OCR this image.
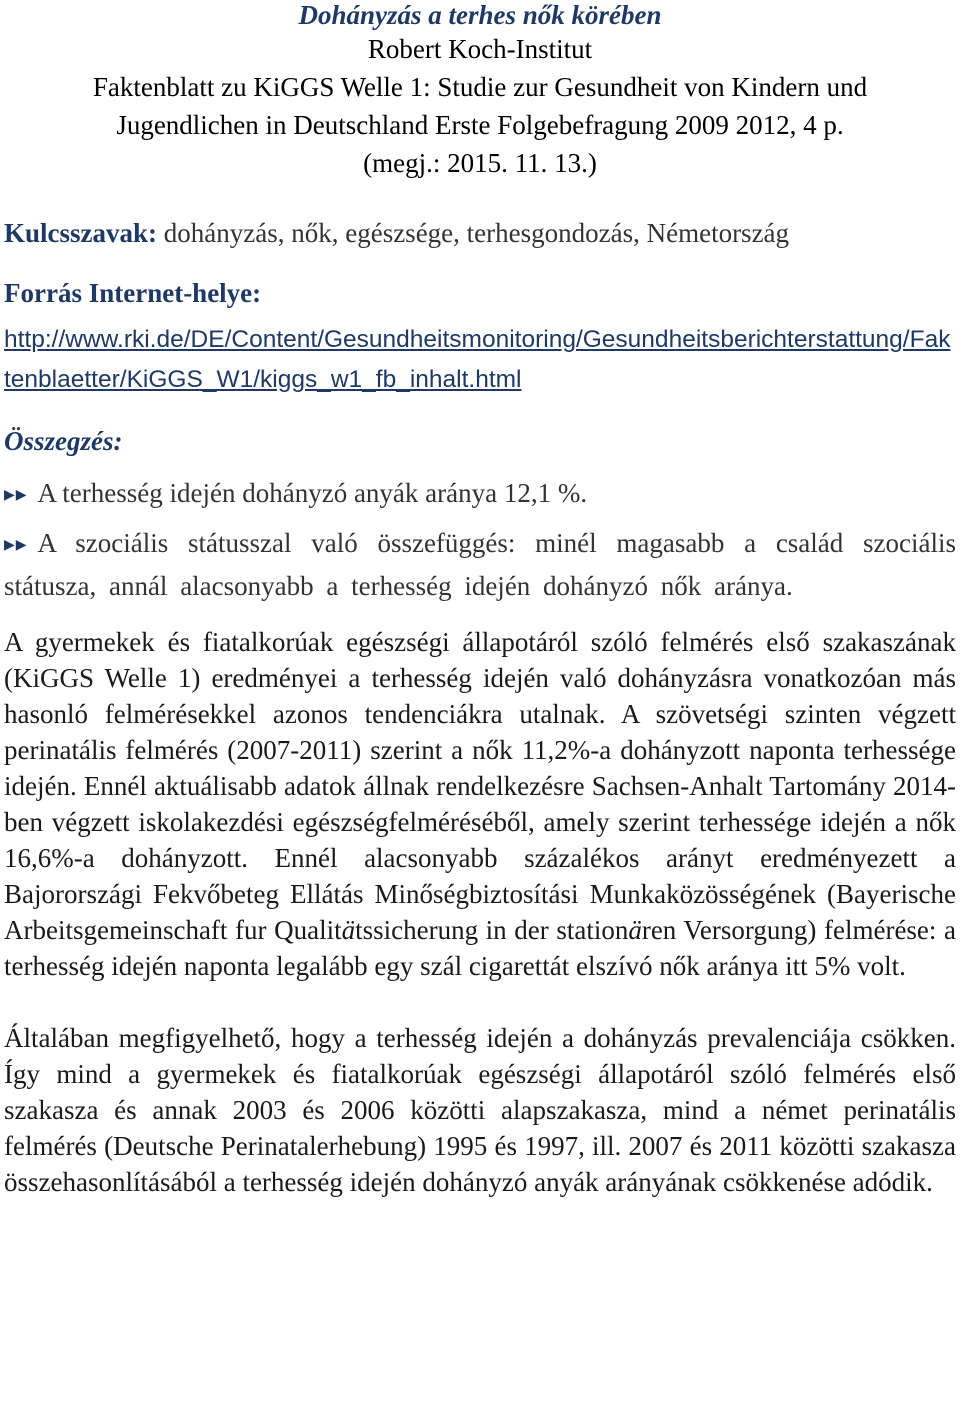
Dohányzás a terhes nők körében
Robert Koch-Institut
Faktenblatt zu KiGGS Welle 1: Studie zur Gesundheit von Kindern und
Jugendlichen in Deutschland Erste Folgebefragung 2009 2012, 4 p.
(megj.: 2015. 11. 13.)
Kulcsszavak: dohányzás, nők, egészsége, terhesgondozás, Németország
Forrás Internet-helye:
http://www.rki.de/DE/Content/Gesundheitsmonitoring/Gesundheitsberichterstattung/Faktenblaetter/KiGGS_W1/kiggs_w1_fb_inhalt.html
Összegzés:
▶▶ A terhesség idején dohányzó anyák aránya 12,1 %.
▶▶ A szociális státusszal való összefüggés: minél magasabb a család szociális státusza, annál alacsonyabb a terhesség idején dohányzó nők aránya.
A gyermekek és fiatalkorúak egészségi állapotáról szóló felmérés első szakaszának (KiGGS Welle 1) eredményei a terhesség idején való dohányzásra vonatkozóan más hasonló felmérésekkel azonos tendenciákra utalnak. A szövetségi szinten végzett perinatális felmérés (2007-2011) szerint a nők 11,2%-a dohányzott naponta terhessége idején. Ennél aktuálisabb adatok állnak rendelkezésre Sachsen-Anhalt Tartomány 2014-ben végzett iskolakezdési egészségfelméréséből, amely szerint terhessége idején a nők 16,6%-a dohányzott. Ennél alacsonyabb százalékos arányt eredményezett a Bajorországi Fekvőbeteg Ellátás Minőségbiztosítási Munkaközösségének (Bayerische Arbeitsgemeinschaft fur Qualitätssicherung in der stationären Versorgung) felmérése: a terhesség idején naponta legalább egy szál cigarettát elszívó nők aránya itt 5% volt.
Általában megfigyelhető, hogy a terhesség idején a dohányzás prevalenciája csökken. Így mind a gyermekek és fiatalkorúak egészségi állapotáról szóló felmérés első szakasza és annak 2003 és 2006 közötti alapszakasza, mind a német perinatális felmérés (Deutsche Perinatalerhebung) 1995 és 1997, ill. 2007 és 2011 közötti szakasza összehasonlításából a terhesség idején dohányzó anyák arányának csökkenése adódik.
